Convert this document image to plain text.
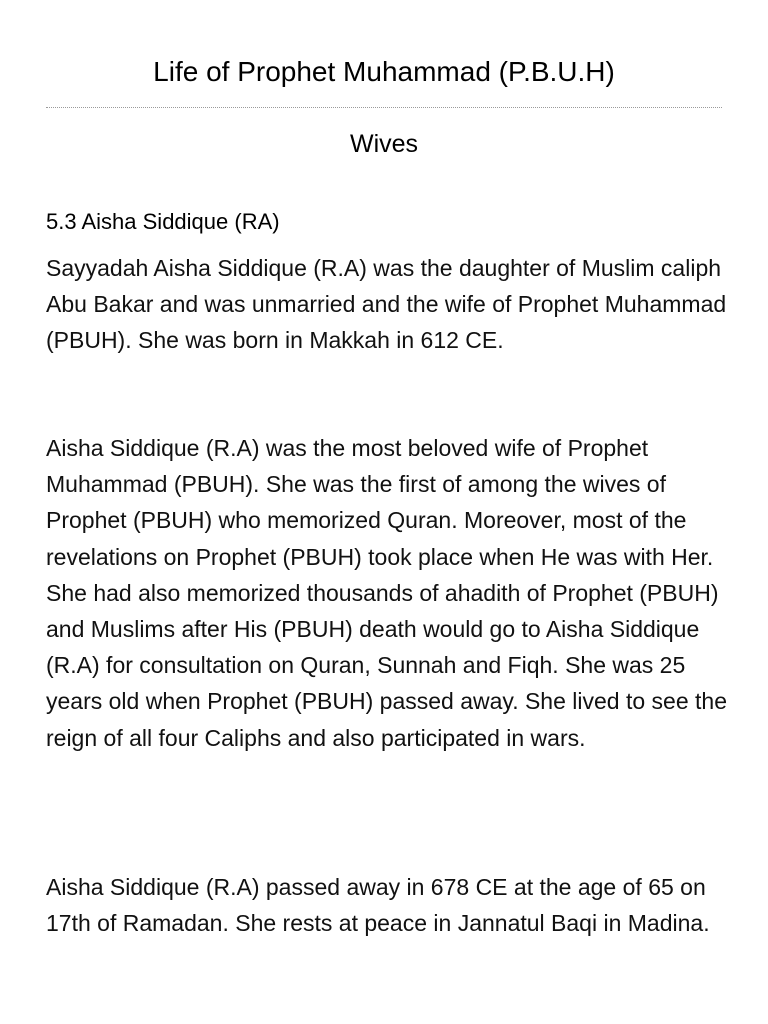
Life of Prophet Muhammad (P.B.U.H)
Wives
5.3 Aisha Siddique (RA)

Sayyadah Aisha Siddique (R.A) was the daughter of Muslim caliph Abu Bakar and was unmarried and the wife of Prophet Muhammad (PBUH). She was born in Makkah in 612 CE.

Aisha Siddique (R.A) was the most beloved wife of Prophet Muhammad (PBUH). She was the first of among the wives of Prophet (PBUH) who memorized Quran. Moreover, most of the revelations on Prophet (PBUH) took place when He was with Her. She had also memorized thousands of ahadith of Prophet (PBUH) and Muslims after His (PBUH) death would go to Aisha Siddique (R.A) for consultation on Quran, Sunnah and Fiqh. She was 25 years old when Prophet (PBUH) passed away. She lived to see the reign of all four Caliphs and also participated in wars.

Aisha Siddique (R.A) passed away in 678 CE at the age of 65 on 17th of Ramadan. She rests at peace in Jannatul Baqi in Madina.
